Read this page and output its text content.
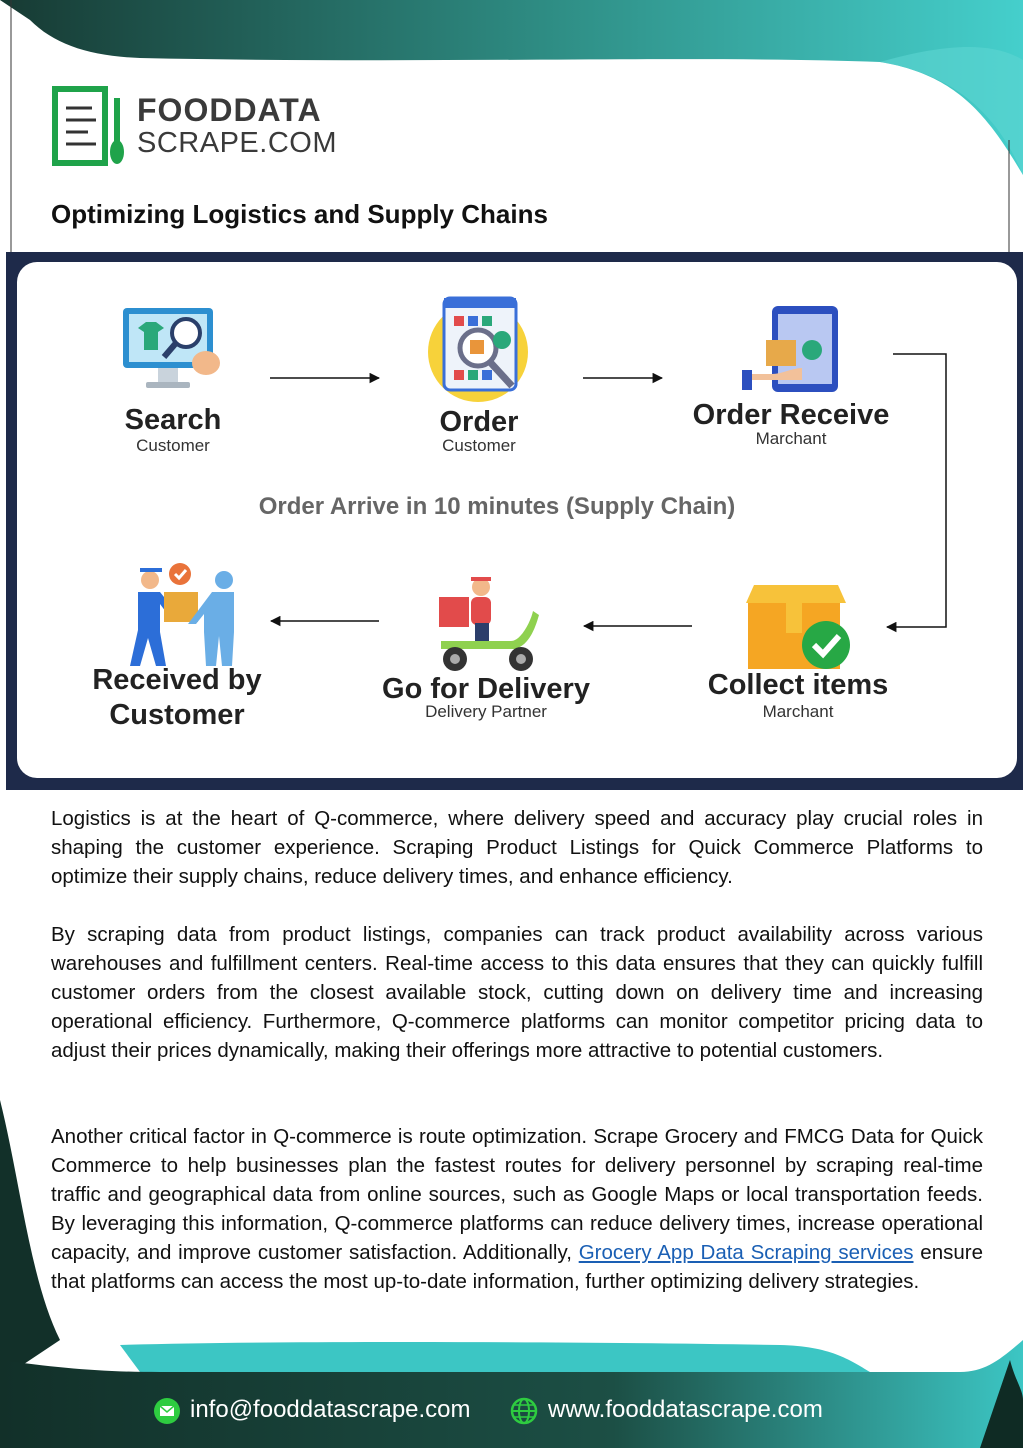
FOODDATA
SCRAPE.COM
Optimizing Logistics and Supply Chains
Search
Customer
Order
Customer
Order Receive
Marchant
Order Arrive in 10 minutes (Supply Chain)
Collect items
Marchant
Go for Delivery
Delivery Partner
Received by
Customer

Logistics is at the heart of Q-commerce, where delivery speed and accuracy play crucial roles in shaping the customer experience. Scraping Product Listings for Quick Commerce Platforms to optimize their supply chains, reduce delivery times, and enhance efficiency.

By scraping data from product listings, companies can track product availability across various warehouses and fulfillment centers. Real-time access to this data ensures that they can quickly fulfill customer orders from the closest available stock, cutting down on delivery time and increasing operational efficiency. Furthermore, Q-commerce platforms can monitor competitor pricing data to adjust their prices dynamically, making their offerings more attractive to potential customers.

Another critical factor in Q-commerce is route optimization. Scrape Grocery and FMCG Data for Quick Commerce to help businesses plan the fastest routes for delivery personnel by scraping real-time traffic and geographical data from online sources, such as Google Maps or local transportation feeds. By leveraging this information, Q-commerce platforms can reduce delivery times, increase operational capacity, and improve customer satisfaction. Additionally, Grocery App Data Scraping services ensure that platforms can access the most up-to-date information, further optimizing delivery strategies.

info@fooddatascrape.com	www.fooddatascrape.com
